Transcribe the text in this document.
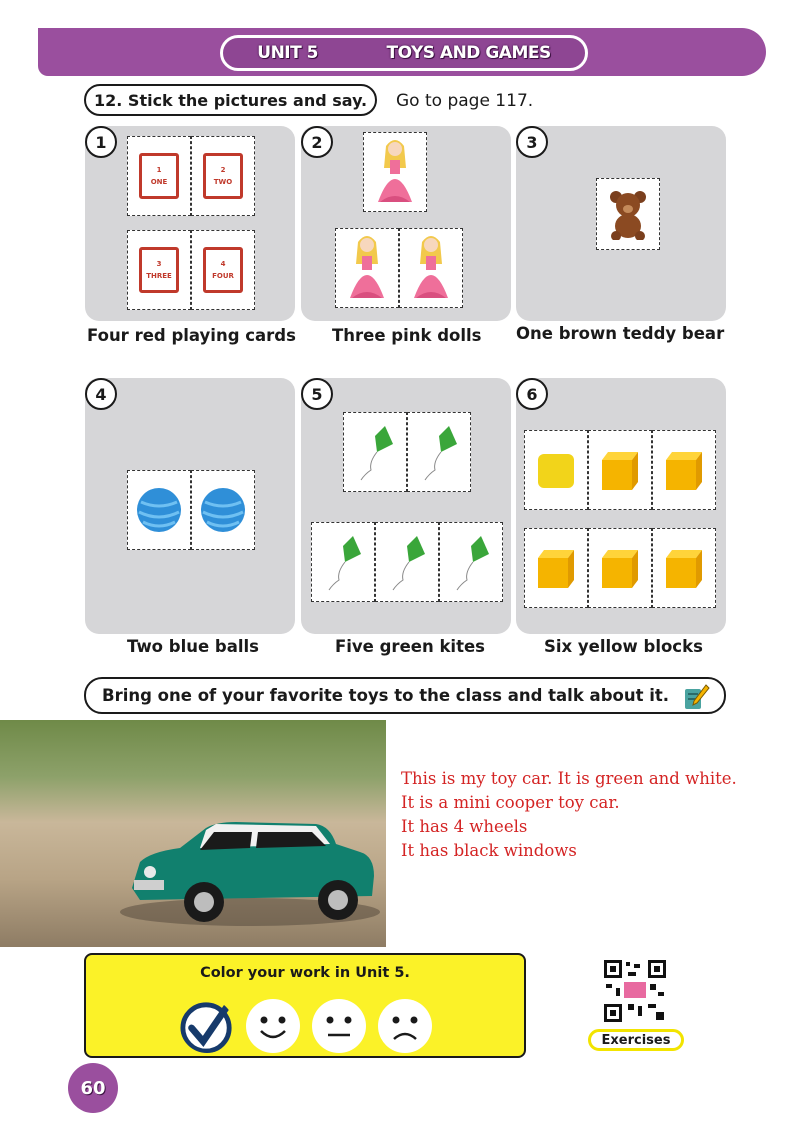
UNIT 5	TOYS AND GAMES
12. Stick the pictures and say.	Go to page 117.
1
1
ONE
2
TWO
3
THREE
4
FOUR
Four red playing cards
2
Three pink dolls
3
One brown teddy bear
4
Two blue balls
5
Five green kites
6
Six yellow blocks
Bring one of your favorite toys to the class and talk about it.
This is my toy car. It is green and white.
It is a mini cooper toy car.
It has 4 wheels
It has black windows
Color your work in Unit 5.
Exercises
60
